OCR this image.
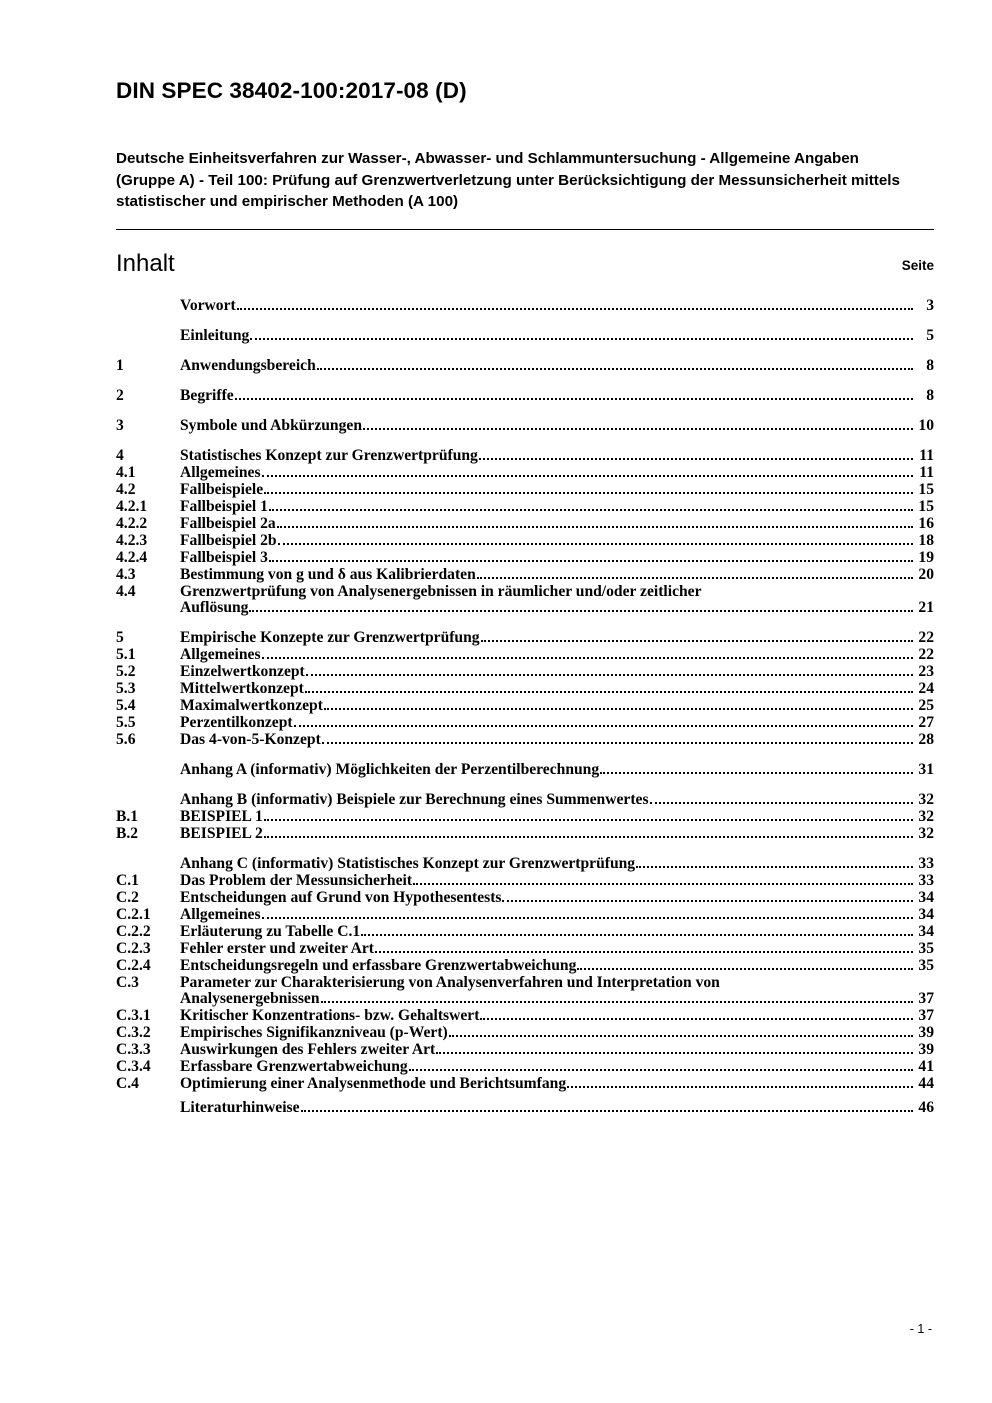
DIN SPEC 38402-100:2017-08 (D)
Deutsche Einheitsverfahren zur Wasser-, Abwasser- und Schlammuntersuchung - Allgemeine Angaben (Gruppe A) - Teil 100: Prüfung auf Grenzwertverletzung unter Berücksichtigung der Messunsicherheit mittels statistischer und empirischer Methoden (A 100)
Inhalt	Seite
Vorwort	3
Einleitung	5
1	Anwendungsbereich	8
2	Begriffe	8
3	Symbole und Abkürzungen	10
4	Statistisches Konzept zur Grenzwertprüfung	11
4.1	Allgemeines	11
4.2	Fallbeispiele	15
4.2.1	Fallbeispiel 1	15
4.2.2	Fallbeispiel 2a	16
4.2.3	Fallbeispiel 2b	18
4.2.4	Fallbeispiel 3	19
4.3	Bestimmung von g und δ aus Kalibrierdaten	20
4.4	Grenzwertprüfung von Analysenergebnissen in räumlicher und/oder zeitlicher
Auflösung	21
5	Empirische Konzepte zur Grenzwertprüfung	22
5.1	Allgemeines	22
5.2	Einzelwertkonzept	23
5.3	Mittelwertkonzept	24
5.4	Maximalwertkonzept	25
5.5	Perzentilkonzept	27
5.6	Das 4-von-5-Konzept	28
Anhang A (informativ) Möglichkeiten der Perzentilberechnung	31
Anhang B (informativ) Beispiele zur Berechnung eines Summenwertes	32
B.1	BEISPIEL 1	32
B.2	BEISPIEL 2	32
Anhang C (informativ) Statistisches Konzept zur Grenzwertprüfung	33
C.1	Das Problem der Messunsicherheit	33
C.2	Entscheidungen auf Grund von Hypothesentests	34
C.2.1	Allgemeines	34
C.2.2	Erläuterung zu Tabelle C.1	34
C.2.3	Fehler erster und zweiter Art	35
C.2.4	Entscheidungsregeln und erfassbare Grenzwertabweichung	35
C.3	Parameter zur Charakterisierung von Analysenverfahren und Interpretation von
Analysenergebnissen	37
C.3.1	Kritischer Konzentrations- bzw. Gehaltswert	37
C.3.2	Empirisches Signifikanzniveau (p-Wert)	39
C.3.3	Auswirkungen des Fehlers zweiter Art	39
C.3.4	Erfassbare Grenzwertabweichung	41
C.4	Optimierung einer Analysenmethode und Berichtsumfang	44
Literaturhinweise	46
- 1 -
